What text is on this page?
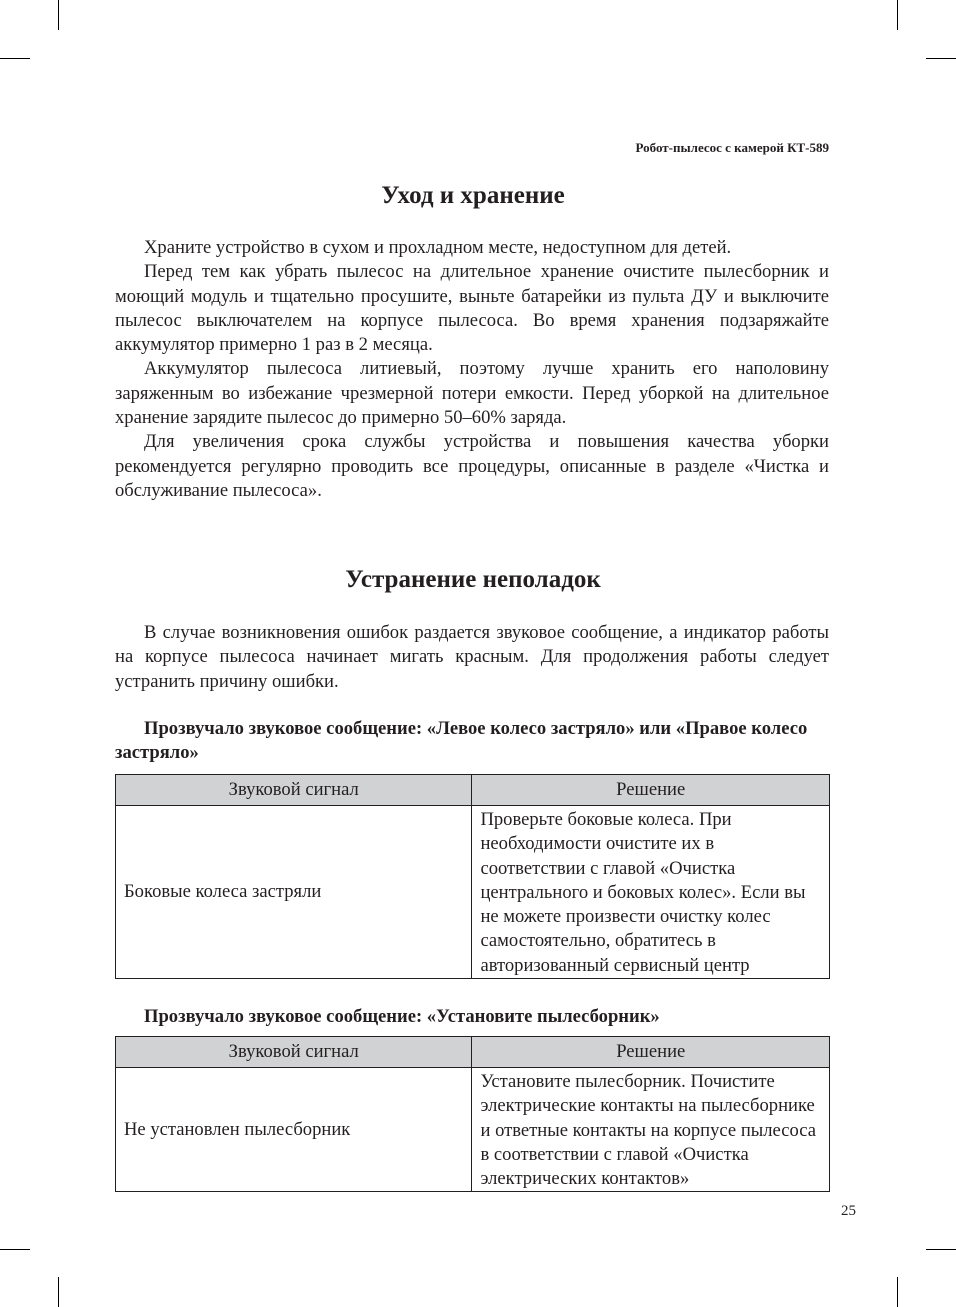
Робот-пылесос с камерой КТ-589
Уход и хранение

Храните устройство в сухом и прохладном месте, недоступном для детей.

Перед тем как убрать пылесос на длительное хранение очистите пылесборник и моющий модуль и тщательно просушите, выньте батарейки из пульта ДУ и выключите пылесос выключателем на корпусе пылесоса. Во время хранения подзаряжайте аккумулятор примерно 1 раз в 2 месяца.

Аккумулятор пылесоса литиевый, поэтому лучше хранить его наполовину заряженным во избежание чрезмерной потери емкости. Перед уборкой на длительное хранение зарядите пылесос до примерно 50–60% заряда.

Для увеличения срока службы устройства и повышения качества уборки рекомендуется регулярно проводить все процедуры, описанные в разделе «Чистка и обслуживание пылесоса».

Устранение неполадок

В случае возникновения ошибок раздается звуковое сообщение, а индикатор работы на корпусе пылесоса начинает мигать красным. Для продолжения работы следует устранить причину ошибки.

Прозвучало звуковое сообщение: «Левое колесо застряло» или «Правое колесо застряло»

Звуковой сигнал	Решение
Боковые колеса застряли	Проверьте боковые колеса. При необходимости очистите их в соответствии с главой «Очистка центрального и боковых колес». Если вы не можете произвести очистку колес самостоятельно, обратитесь в авторизованный сервисный центр

Прозвучало звуковое сообщение: «Установите пылесборник»

Звуковой сигнал	Решение
Не установлен пылесборник	Установите пылесборник. Почистите электрические контакты на пылесборнике и ответные контакты на корпусе пылесоса в соответствии с главой «Очистка электрических контактов»
25
